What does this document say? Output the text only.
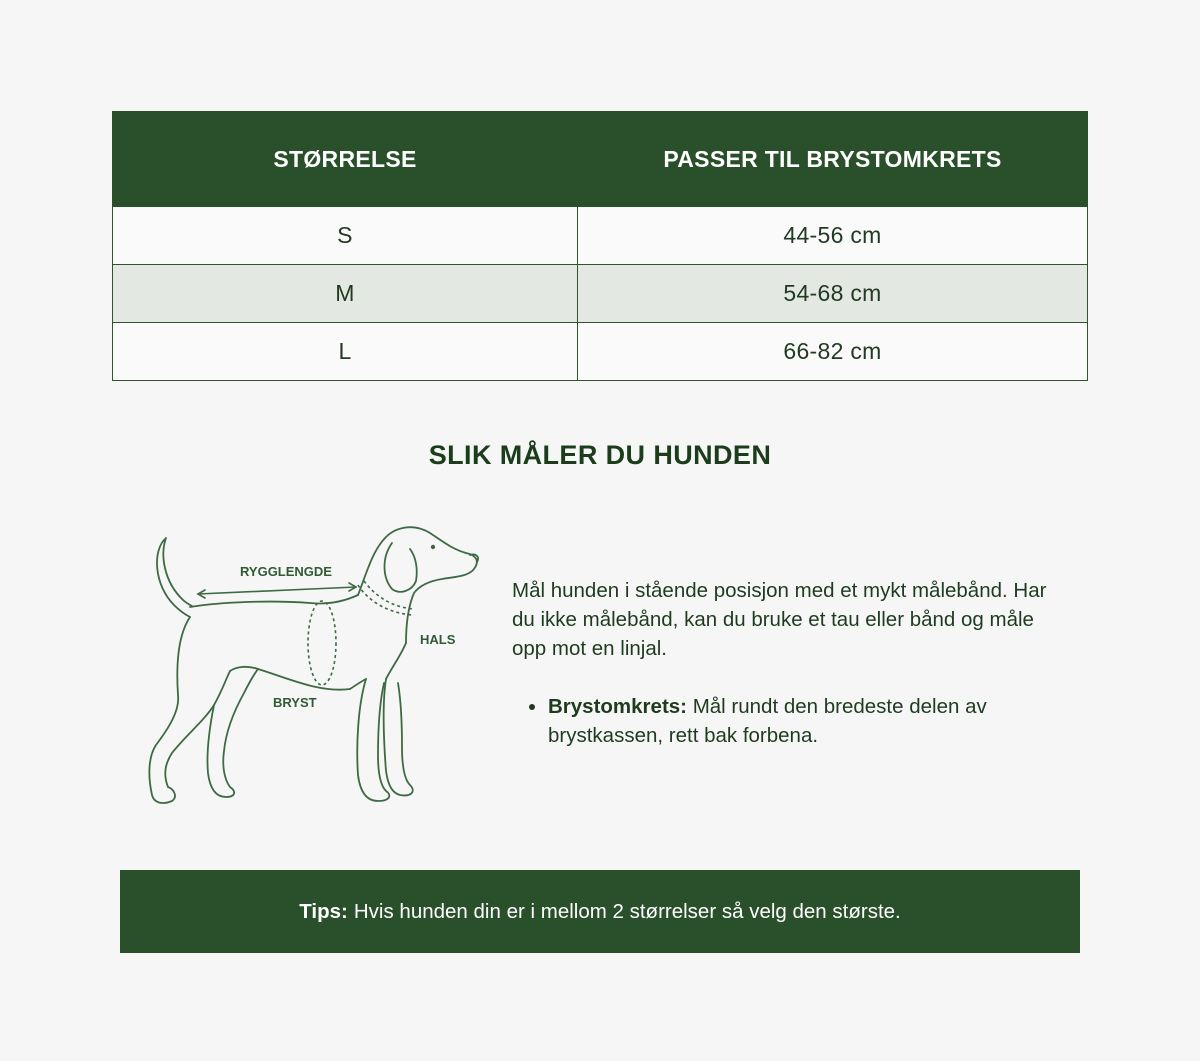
STØRRELSE	PASSER TIL BRYSTOMKRETS
S	44-56 cm
M	54-68 cm
L	66-82 cm
SLIK MÅLER DU HUNDEN
RYGGLENGDE
HALS
BRYST

Mål hunden i stående posisjon med et mykt målebånd. Har du ikke målebånd, kan du bruke et tau eller bånd og måle opp mot en linjal.

Brystomkrets: Mål rundt den bredeste delen av brystkassen, rett bak forbena.
Tips: Hvis hunden din er i mellom 2 størrelser så velg den største.
